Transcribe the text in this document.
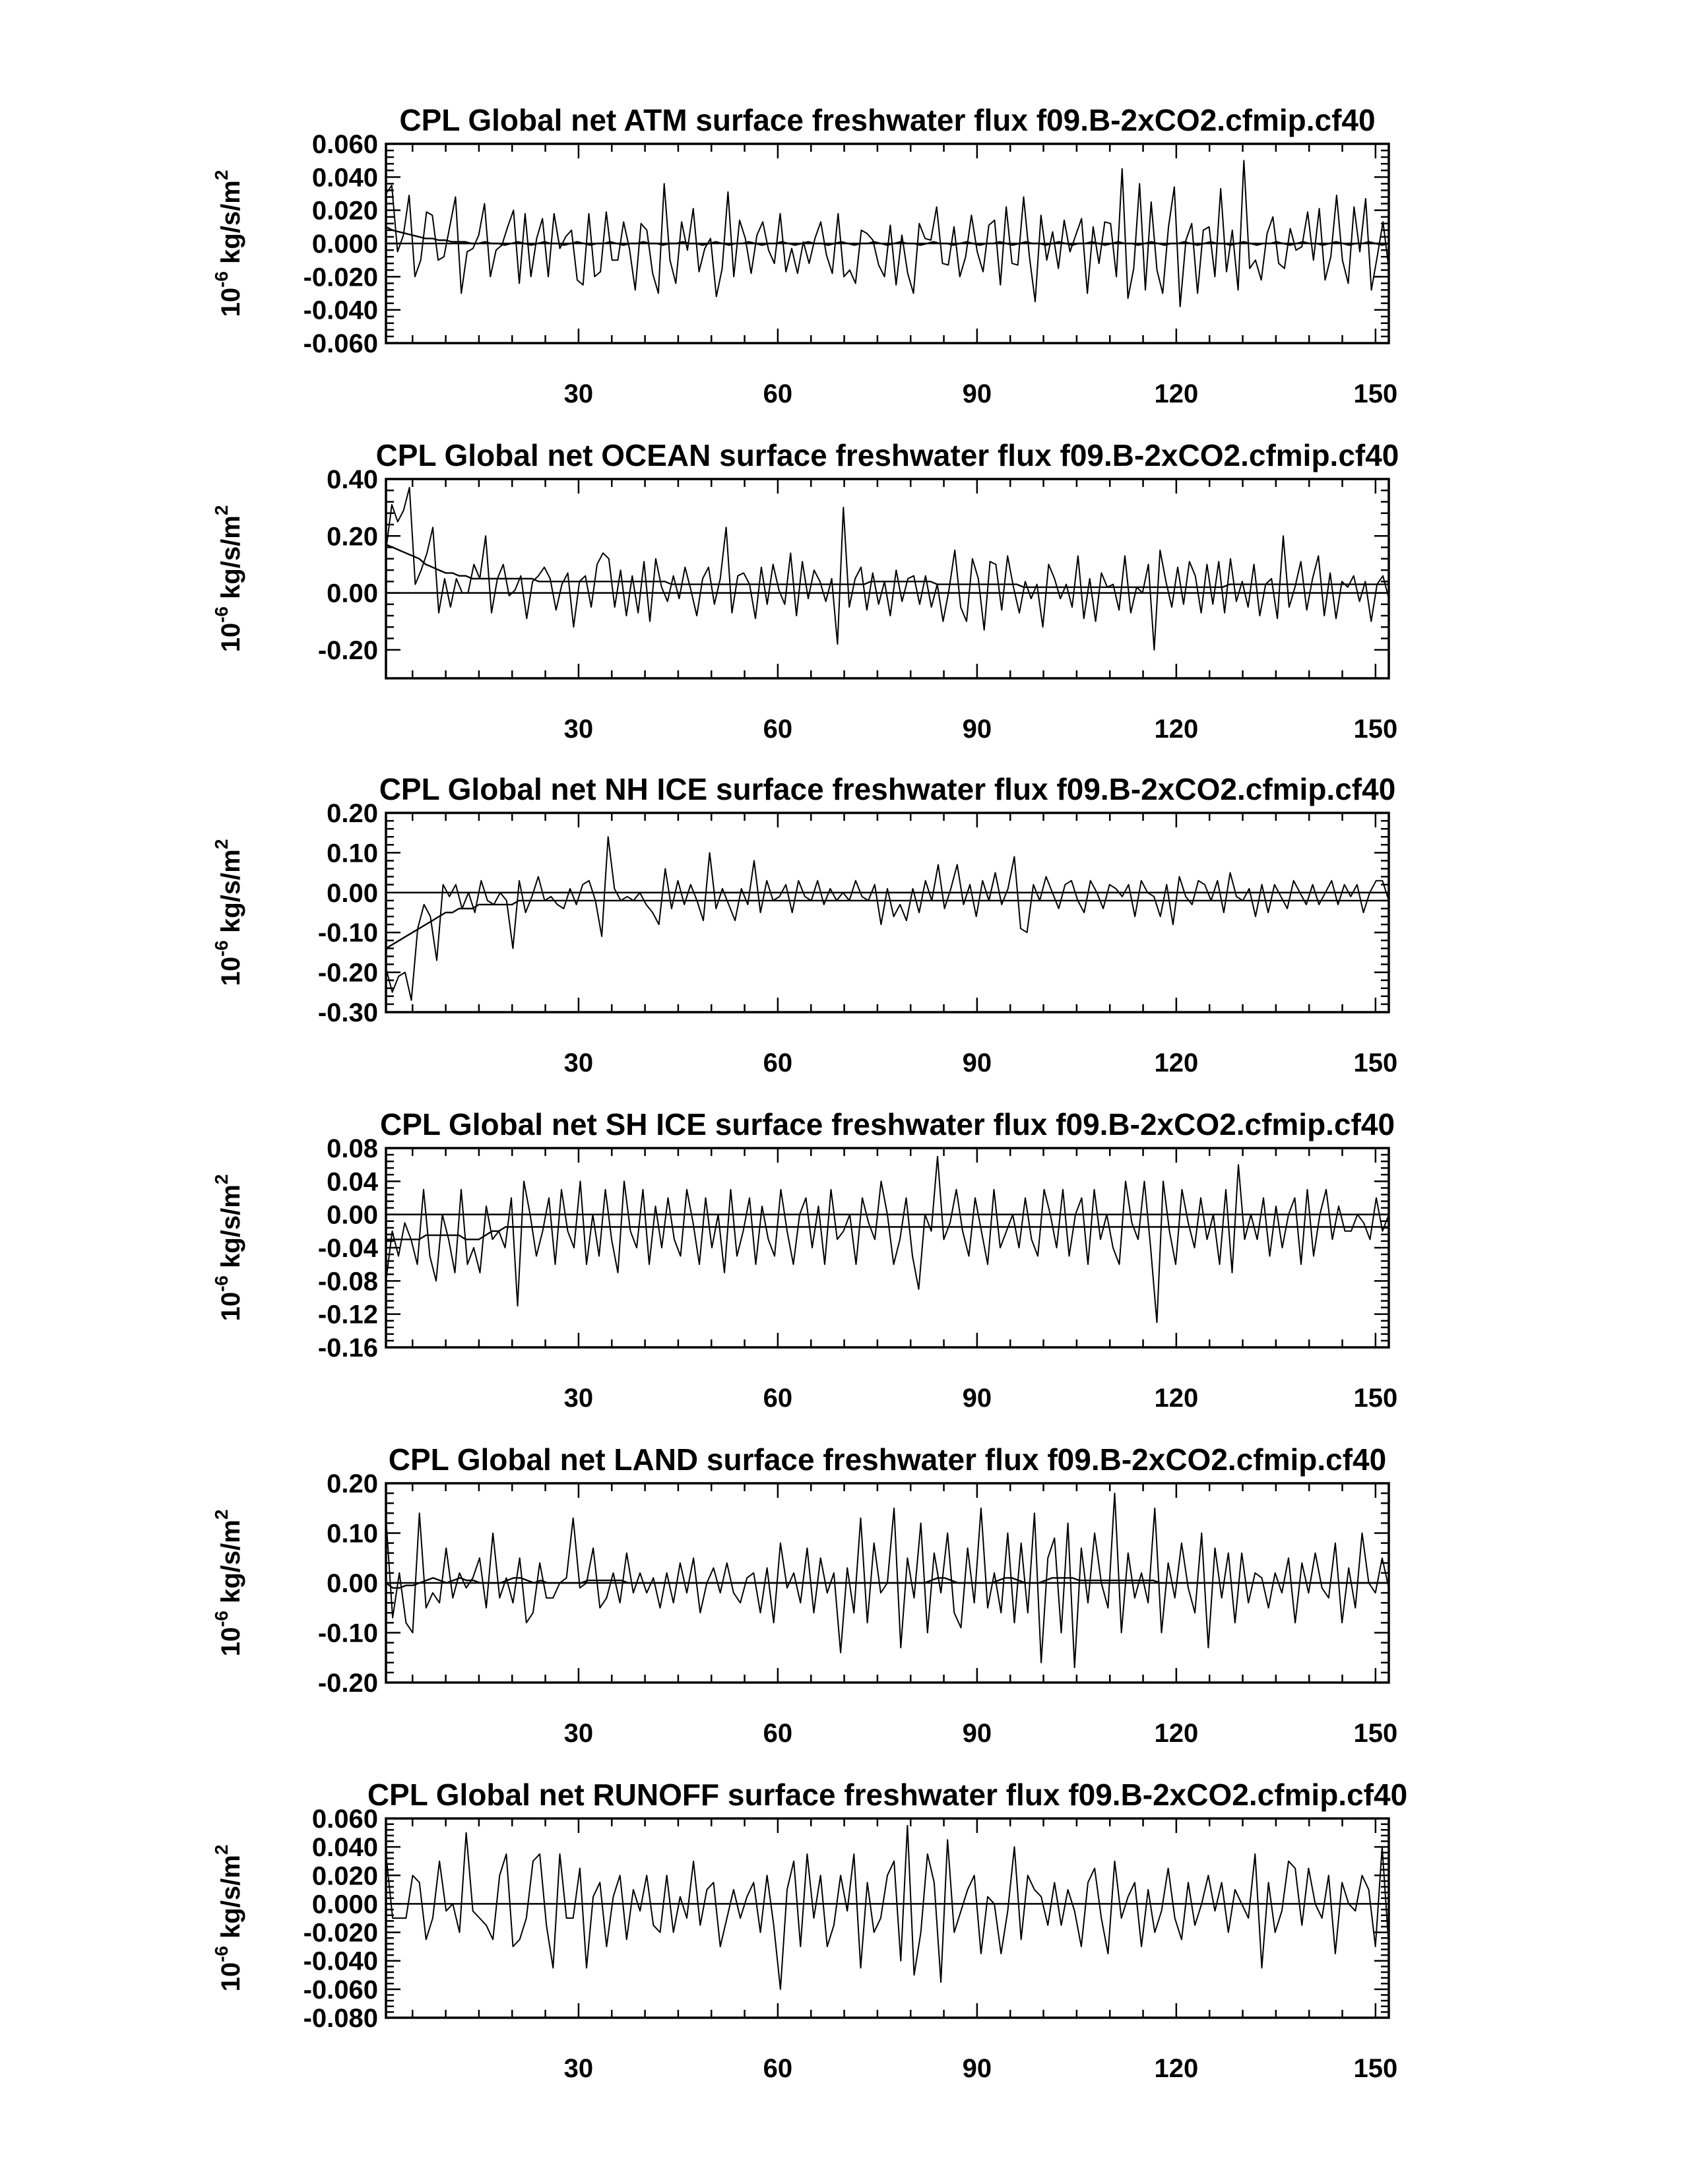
CPL Global net ATM surface freshwater flux f09.B-2xCO2.cfmip.cf40
30	60	90	120	150
-0.060
-0.040
-0.020
0.000
0.020
0.040
0.060
$10^{-6}$ $kg/s/m^2$
CPL Global net OCEAN surface freshwater flux f09.B-2xCO2.cfmip.cf40
30	60	90	120	150
-0.20
0.00
0.20
0.40
$10^{-6}$ $kg/s/m^2$
CPL Global net NH ICE surface freshwater flux f09.B-2xCO2.cfmip.cf40
30	60	90	120	150
-0.30
-0.20
-0.10
0.00
0.10
0.20
$10^{-6}$ $kg/s/m^2$
CPL Global net SH ICE surface freshwater flux f09.B-2xCO2.cfmip.cf40
30	60	90	120	150
-0.16
-0.12
-0.08
-0.04
0.00
0.04
0.08
$10^{-6}$ $kg/s/m^2$
CPL Global net LAND surface freshwater flux f09.B-2xCO2.cfmip.cf40
30	60	90	120	150
-0.20
-0.10
0.00
0.10
0.20
$10^{-6}$ $kg/s/m^2$
CPL Global net RUNOFF surface freshwater flux f09.B-2xCO2.cfmip.cf40
30	60	90	120	150
-0.080
-0.060
-0.040
-0.020
0.000
0.020
0.040
0.060
$10^{-6}$ $kg/s/m^2$
